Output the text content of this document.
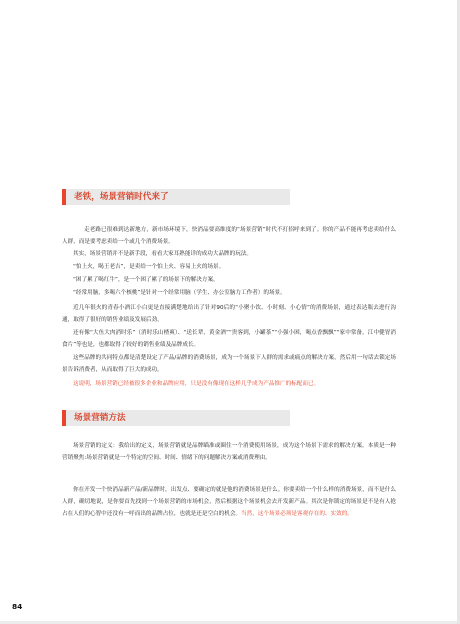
老铁，场景营销时代来了
走老路已很难到达新地方，新市场环境下，快消品要高维度的“场景营销”时代不打招呼来到了。你的产品不能再考虑卖给什么人群，而是要考虑卖给一个或几个消费场景。
其实，场景营销并不是新手段，看看大家耳熟能详的成功大品牌的玩法。
“怕上火，喝王老吉”，是卖给一个怕上火、容易上火的场景。
“困了累了喝红牛”，是一个困了累了的场景下的解决方案。
“经常用脑，多喝六个核桃”是针对一个经常用脑（学生、办公室脑力工作者）的场景。
近几年很火的青春小酒江小白更是直接满楚地给出了针对90后的“小聚小饮、小时刻、小心情”的消费场景，通过表达瓶去进行沟通，取得了很好的销售业绩及发展后劲。
还有像“大鱼大肉消时乐”（消时乐山楂爽）、“送长辈，黄金酒”“贵客到，小罐茶”“小强小困，喝点香飘飘”“家中常备，江中健胃消食片”等也是，也都取得了较好的销售业绩及品牌成长。
这些品牌的共同特点都是清楚设定了产品/品牌的消费场景，成为一个场景下人群的需求或痛点的解决方案，然后用一句话去锁定场景告诉消费者，从而取得了巨大的成功。
这说明，场景营销已经被很多企业和品牌应用，只是没有像现在这样几乎成为产品推广的标配而已。
场景营销方法
场景营销的定义：我给出的定义，场景营销就是品牌瞄准或圈住一个消费使用场景，成为这个场景下需求的解决方案。本质是一种营销聚焦:场景营销就是一个特定的空间、时间、情绪下的问题解决方案或消费理由。
你在开发一个快消品新产品/新品牌时，出发点、要确定的就是他的消费场景是什么。你要卖给一个什么样的消费场景，而不是什么人群，确切地说，是你要首先找到一个场景营销的市场机会，然后根据这个场景机会去开发新产品。其次是你锁定的场景是不是有人抢占在人们的心智中还没有一呼而出的品牌占位，也就是还是空白的机会。当然，这个场景必须是客观存在的、实效的。
84
